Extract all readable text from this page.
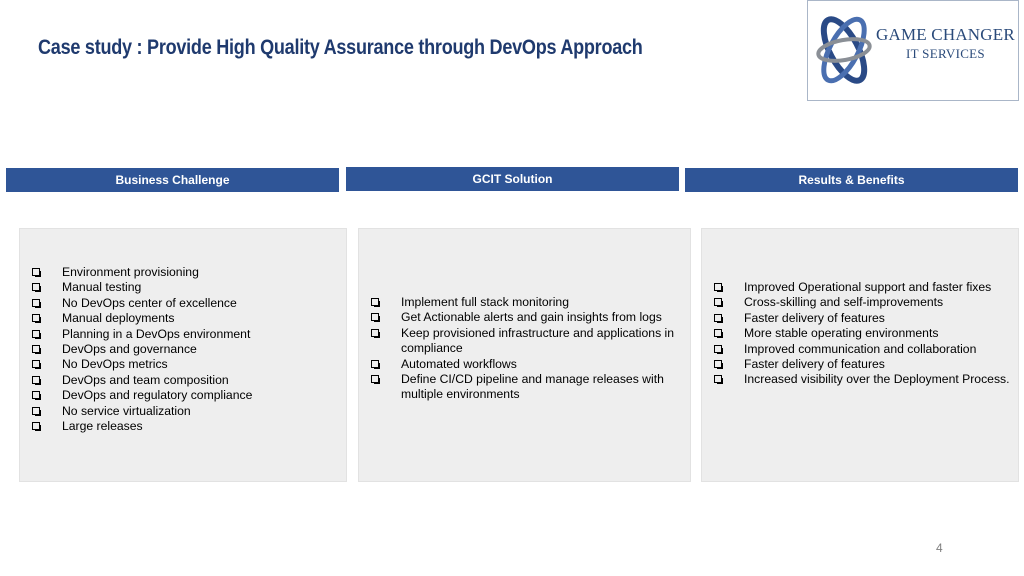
Case study : Provide High Quality Assurance through DevOps Approach
GAME CHANGER
IT SERVICES
Business Challenge	GCIT Solution	Results & Benefits
Environment provisioning
Manual testing
No DevOps center of excellence
Manual deployments
Planning in a DevOps environment
DevOps and governance
No DevOps metrics
DevOps and team composition
DevOps and regulatory compliance
No service virtualization
Large releases
Implement full stack monitoring
Get Actionable alerts and gain insights from logs
Keep provisioned infrastructure and applications in compliance
Automated workflows
Define CI/CD pipeline and manage releases with multiple environments
Improved Operational support and faster fixes
Cross-skilling and self-improvements
Faster delivery of features
More stable operating environments
Improved communication and collaboration
Faster delivery of features
Increased visibility over the Deployment Process.
4
